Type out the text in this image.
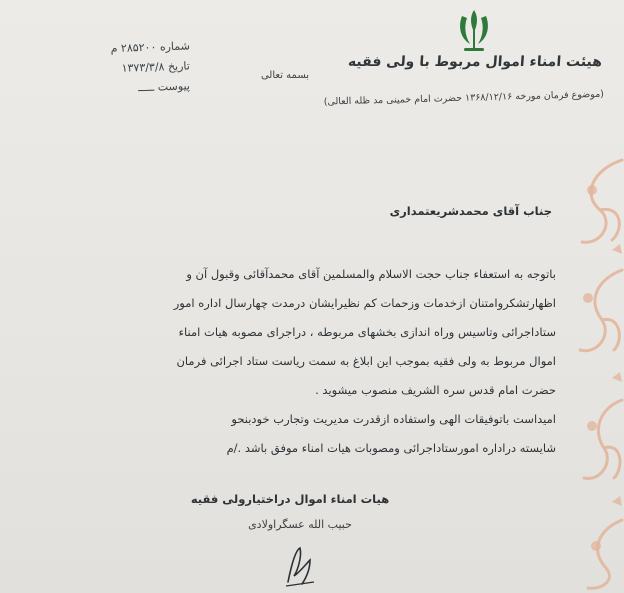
هیئت امناء اموال مربوط با ولی فقیه
(موضوع فرمان مورخه ۱۳۶۸/۱۲/۱۶ حضرت امام خمینی مد ظله العالی)
بسمه تعالی
شماره ۲۸۵۲۰۰ م
تاریخ ۱۳۷۳/۳/۸
پیوست ـــــ
جناب آقای محمدشریعتمداری
باتوجه به استعفاء جناب حجت الاسلام والمسلمین آقای محمدآقائی وقبول آن و
اظهارتشکروامتنان ازخدمات وزحمات کم نظیرایشان درمدت چهارسال اداره امور
ستاداجرائی وتاسیس وراه اندازی بخشهای مربوطه ، دراجرای مصوبه هیات امناء
اموال مربوط به ولی فقیه بموجب این ابلاغ به سمت ریاست ستاد اجرائی فرمان
حضرت امام قدس سره الشریف منصوب میشوید .
امیداست باتوفیقات الهی واستفاده ازقدرت مدیریت وتجارب خودبنحو
شایسته دراداره امورستاداجرائی ومصوبات هیات امناء موفق باشد ./م
هیات امناء اموال دراختیارولی فقیه
حبیب الله عسگراولادی
